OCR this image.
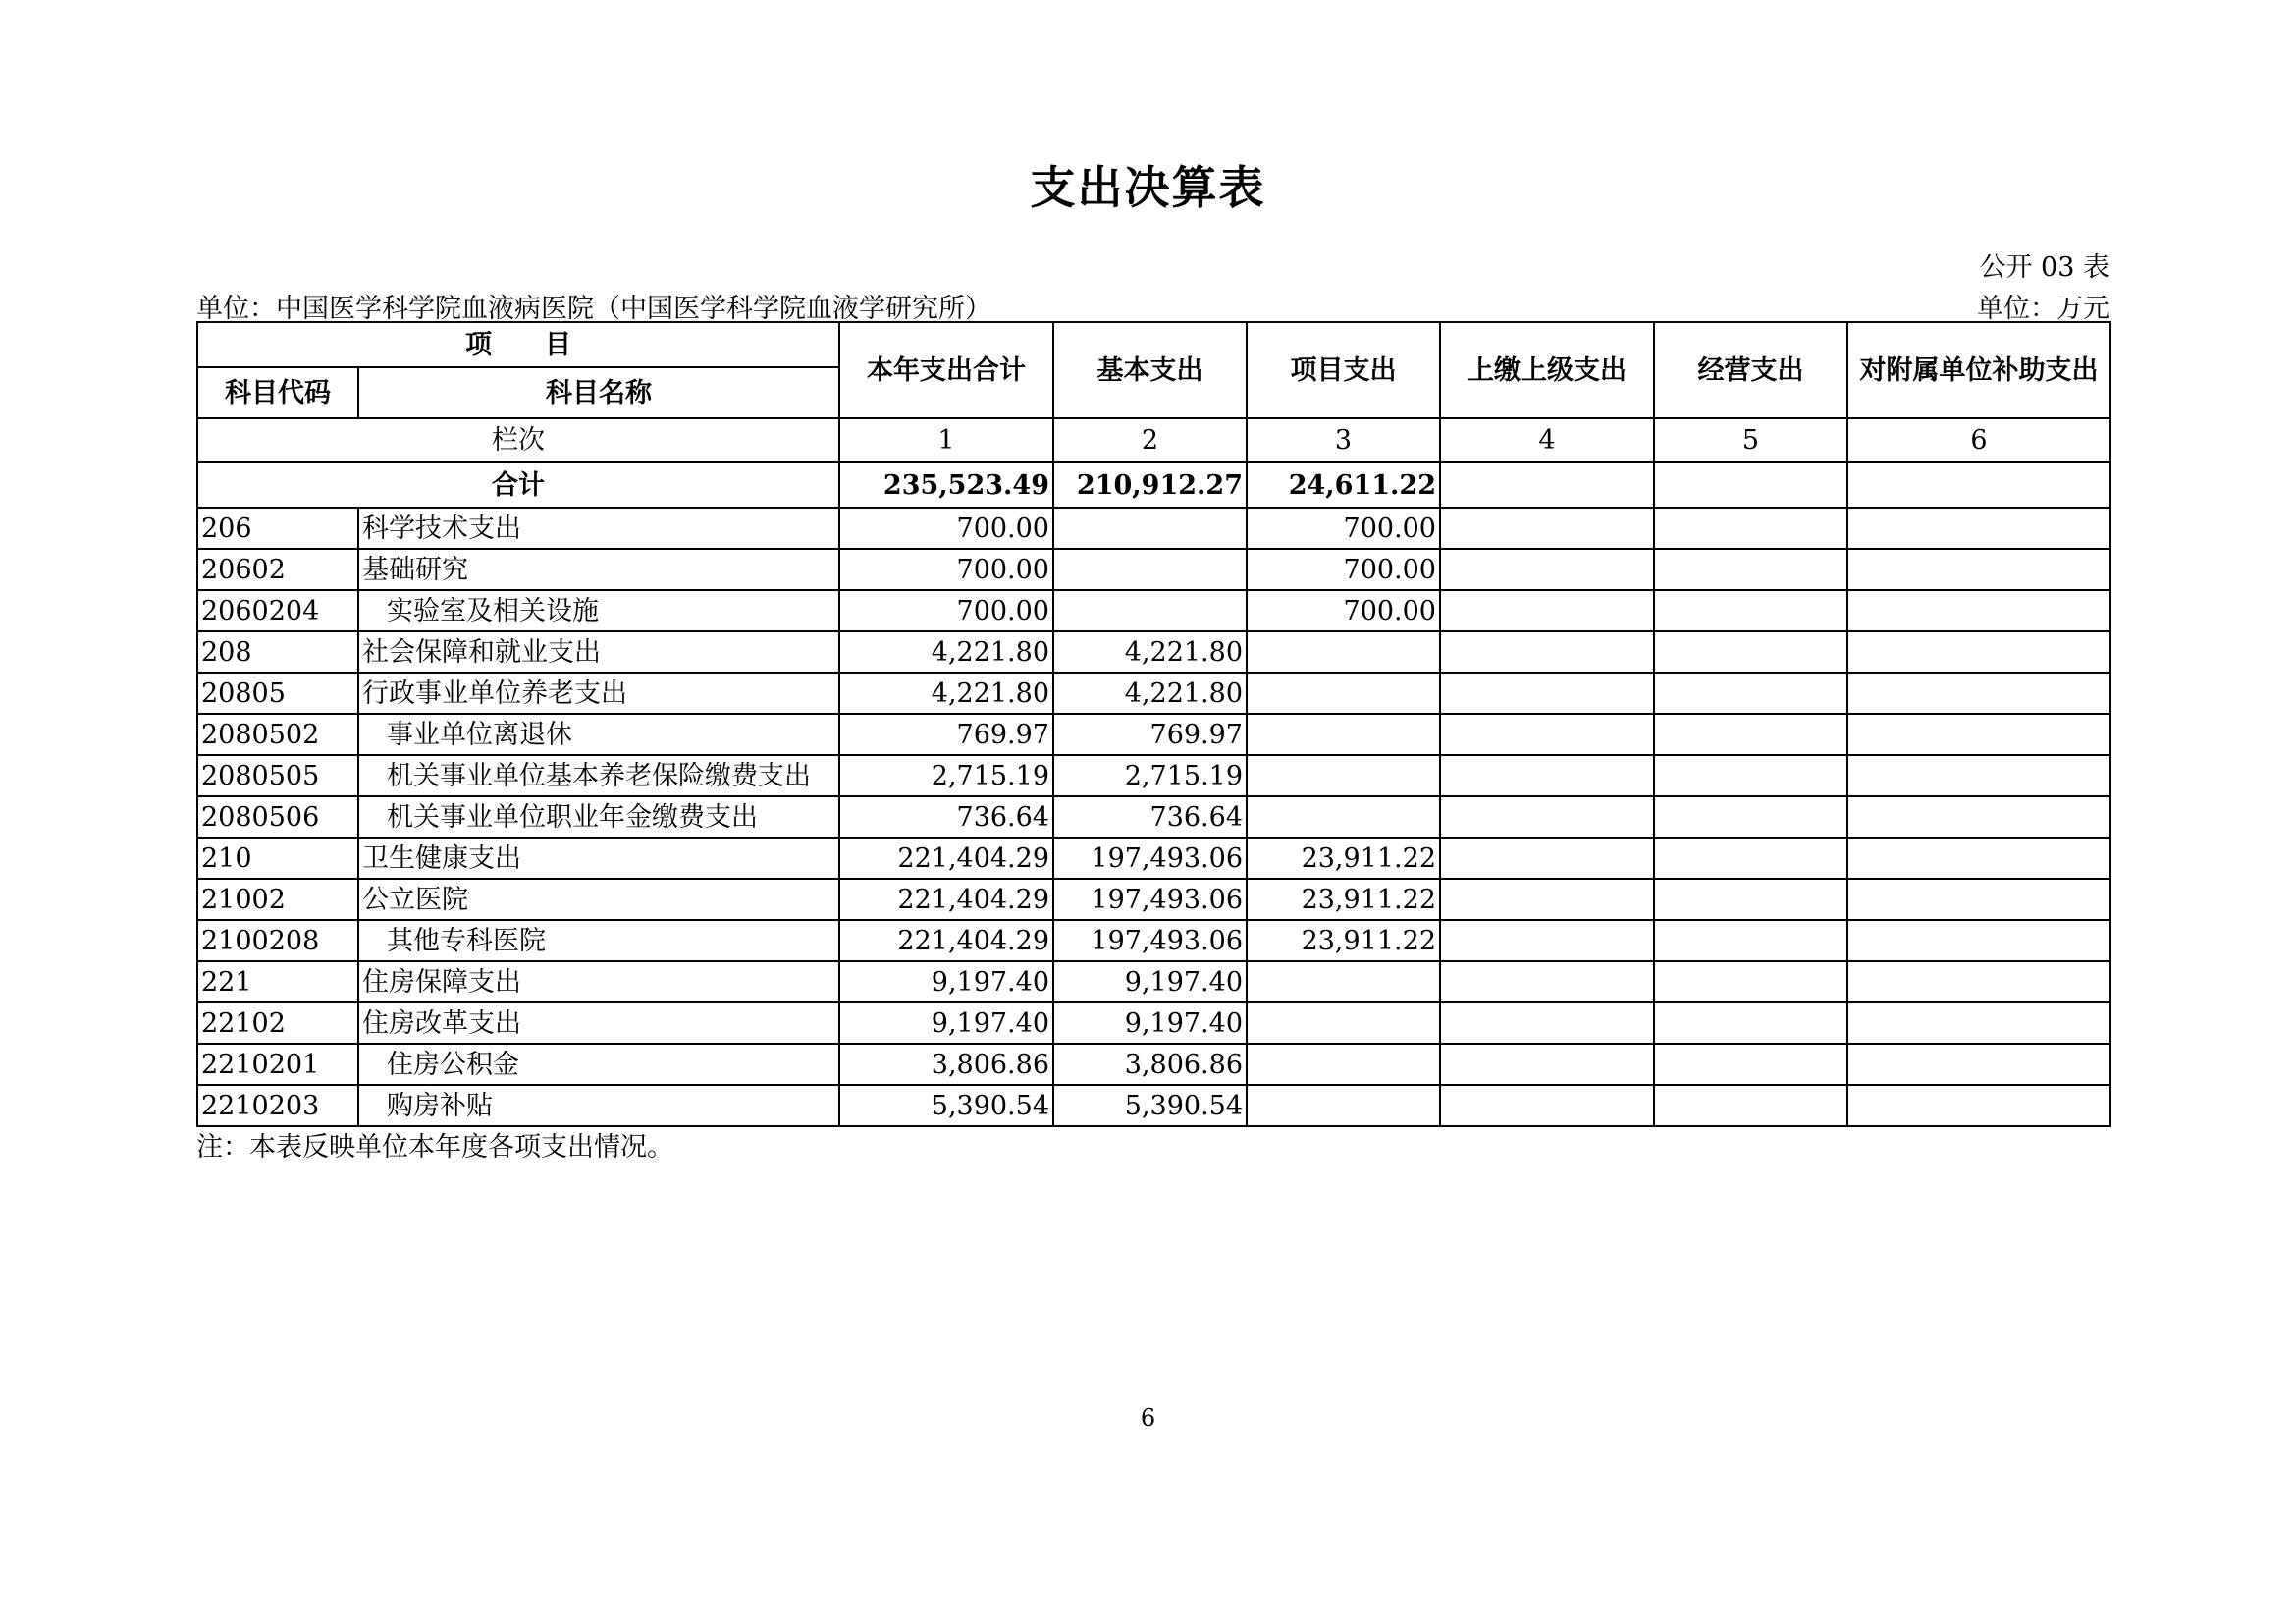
支出决算表
公开 03 表
单位：中国医学科学院血液病医院（中国医学科学院血液学研究所）	单位：万元
项　　目		本年支出合计	基本支出	项目支出	上缴上级支出	经营支出	对附属单位补助支出
科目代码	科目名称						
栏次		1	2	3	4	5	6
合计		235,523.49	210,912.27	24,611.22			
206	科学技术支出	700.00		700.00			
20602	基础研究	700.00		700.00			
2060204	实验室及相关设施	700.00		700.00			
208	社会保障和就业支出	4,221.80	4,221.80				
20805	行政事业单位养老支出	4,221.80	4,221.80				
2080502	事业单位离退休	769.97	769.97				
2080505	机关事业单位基本养老保险缴费支出	2,715.19	2,715.19				
2080506	机关事业单位职业年金缴费支出	736.64	736.64				
210	卫生健康支出	221,404.29	197,493.06	23,911.22			
21002	公立医院	221,404.29	197,493.06	23,911.22			
2100208	其他专科医院	221,404.29	197,493.06	23,911.22			
221	住房保障支出	9,197.40	9,197.40				
22102	住房改革支出	9,197.40	9,197.40				
2210201	住房公积金	3,806.86	3,806.86				
2210203	购房补贴	5,390.54	5,390.54				
注：本表反映单位本年度各项支出情况。
6
